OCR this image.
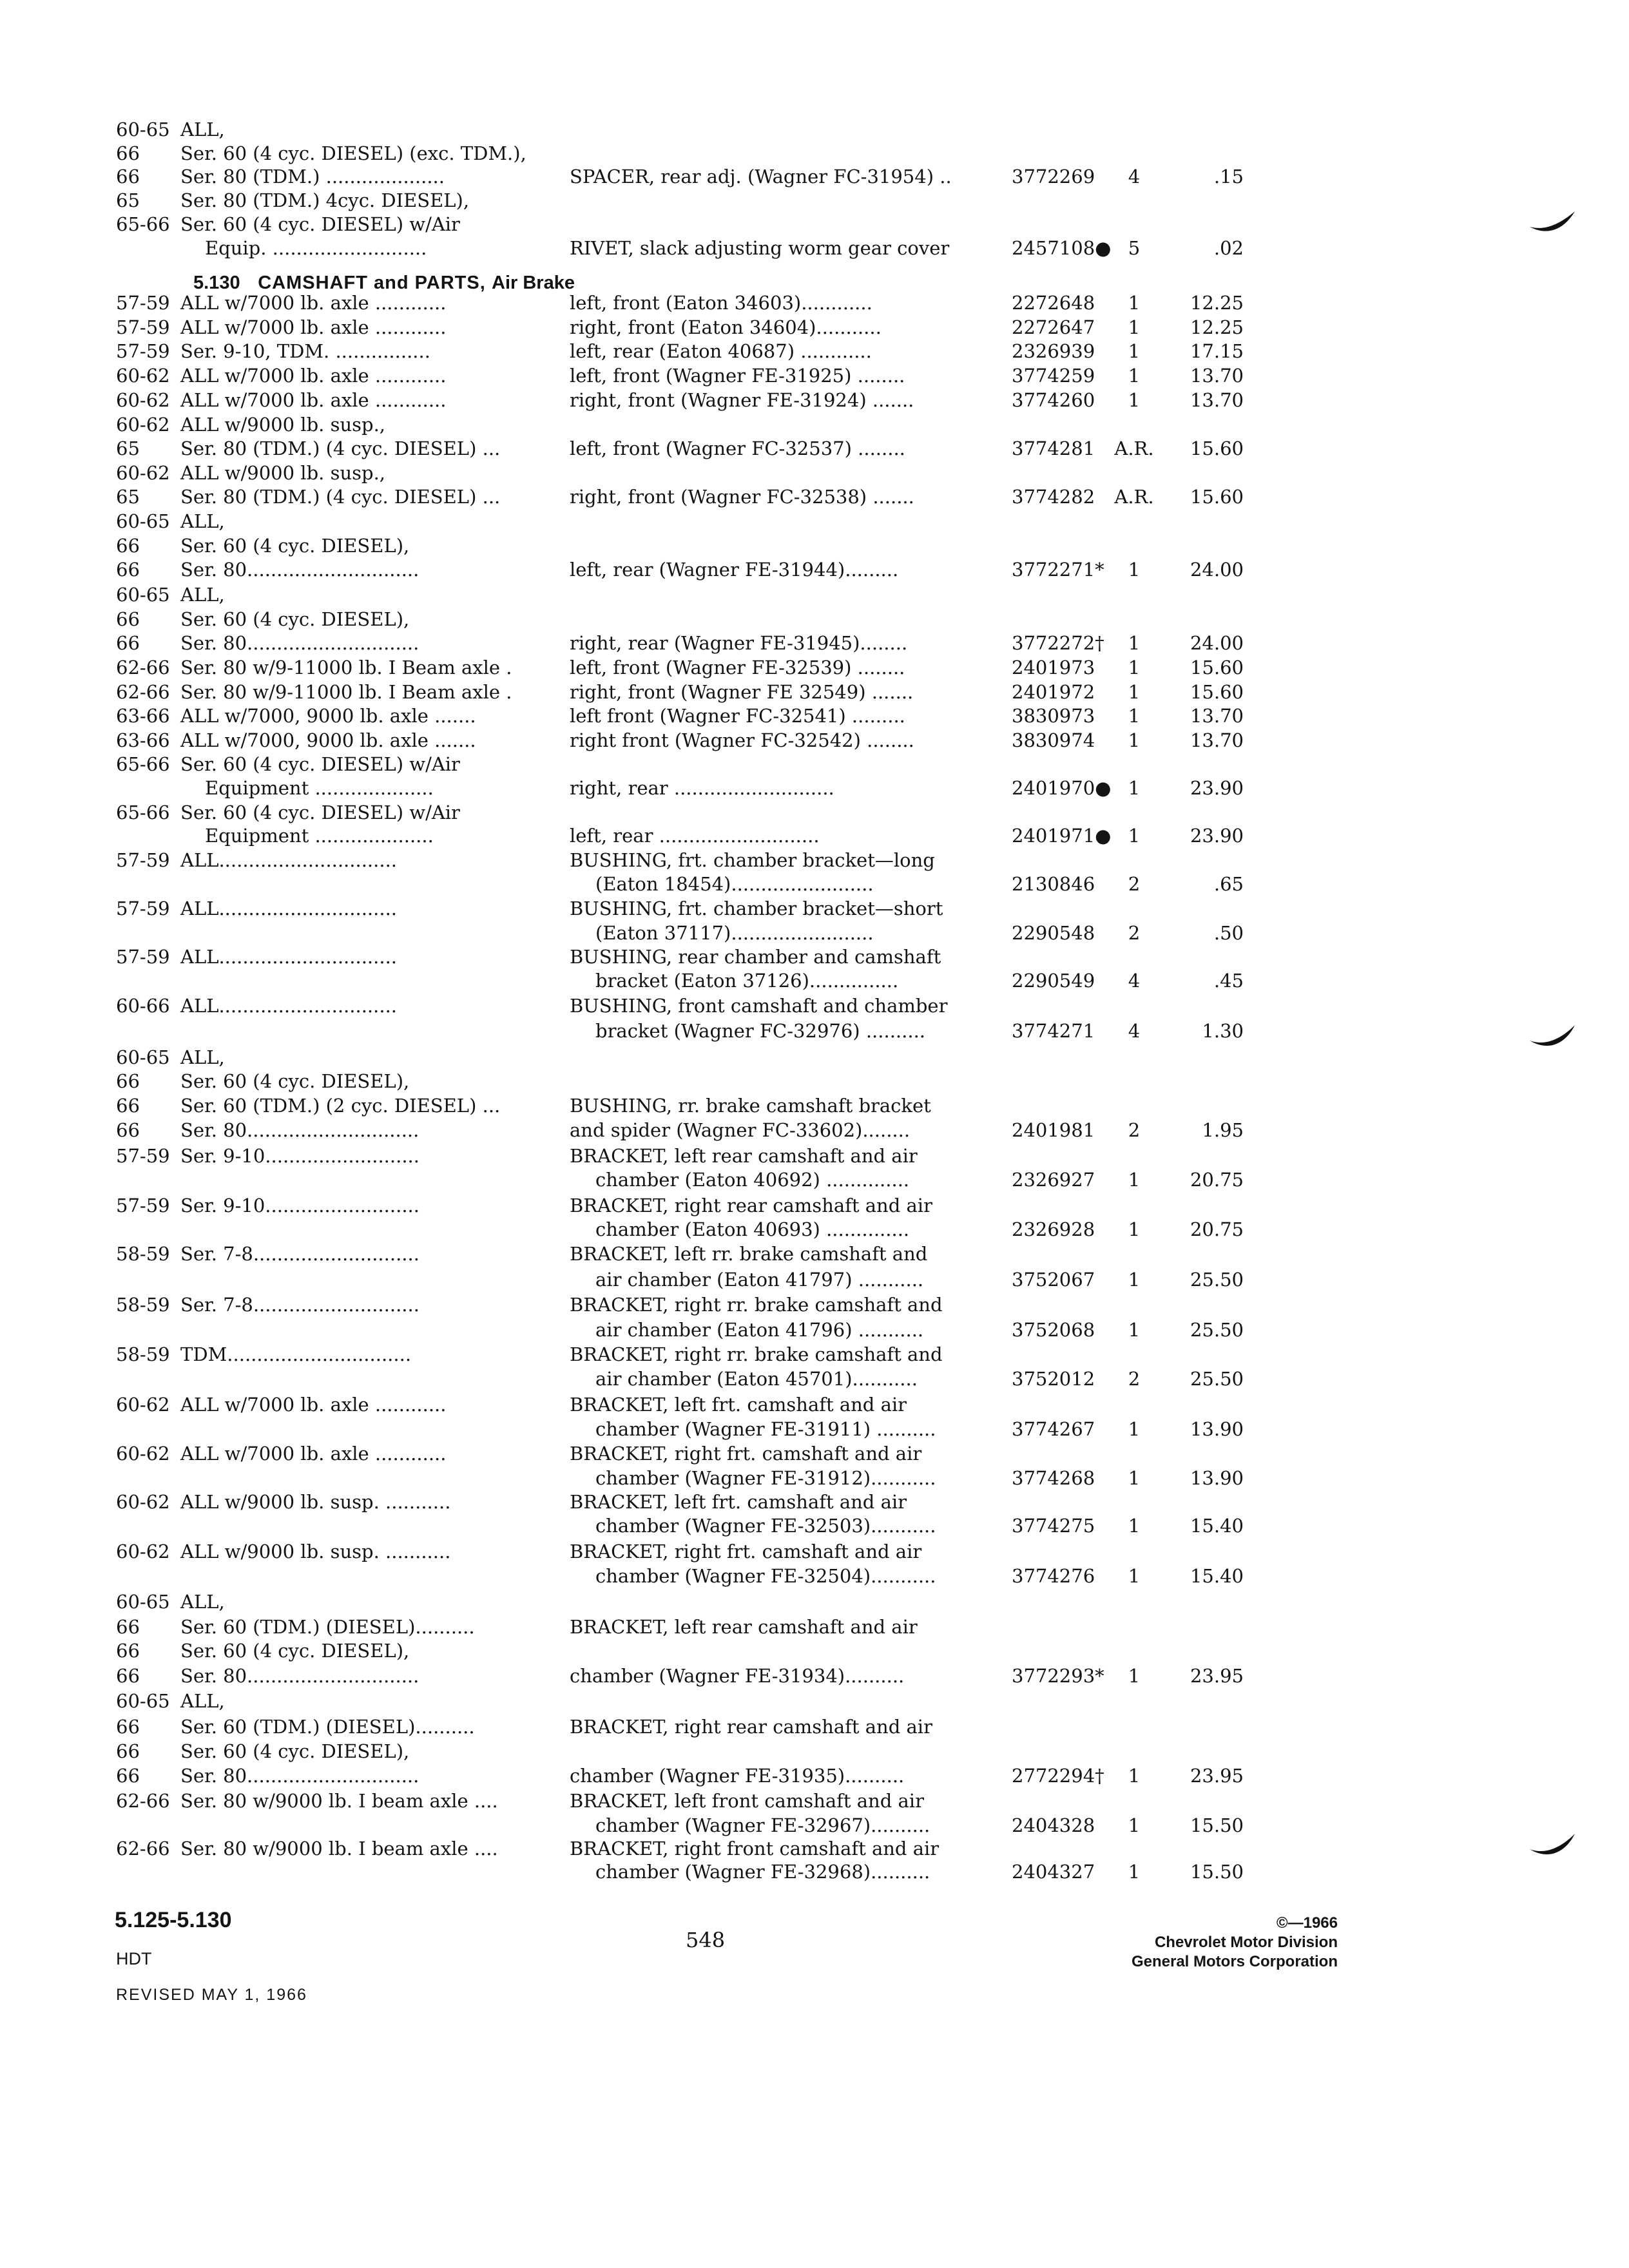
60-65 ALL,
66 Ser. 60 (4 cyc. DIESEL) (exc. TDM.),
66 Ser. 80 (TDM.) ....................	SPACER, rear adj. (Wagner FC-31954) ..	3772269	4	.15
65 Ser. 80 (TDM.) 4cyc. DIESEL),
65-66 Ser. 60 (4 cyc. DIESEL) w/Air
Equip. ..........................	RIVET, slack adjusting worm gear cover	2457108● 5	.02
57-59 ALL w/7000 lb. axle ............	left, front (Eaton 34603)............	2272648	1	12.25
57-59 ALL w/7000 lb. axle ............	right, front (Eaton 34604)...........	2272647	1	12.25
57-59 Ser. 9-10, TDM. ................	left, rear (Eaton 40687) ............	2326939	1	17.15
60-62 ALL w/7000 lb. axle ............	left, front (Wagner FE-31925) ........	3774259	1	13.70
60-62 ALL w/7000 lb. axle ............	right, front (Wagner FE-31924) .......	3774260	1	13.70
60-62 ALL w/9000 lb. susp.,
65 Ser. 80 (TDM.) (4 cyc. DIESEL) ...	left, front (Wagner FC-32537) ........	3774281	A.R.	15.60
60-62 ALL w/9000 lb. susp.,
65 Ser. 80 (TDM.) (4 cyc. DIESEL) ...	right, front (Wagner FC-32538) .......	3774282	A.R.	15.60
60-65 ALL,
66 Ser. 60 (4 cyc. DIESEL),
66 Ser. 80.............................	left, rear (Wagner FE-31944).........	3772271*	1	24.00
60-65 ALL,
66 Ser. 60 (4 cyc. DIESEL),
66 Ser. 80.............................	right, rear (Wagner FE-31945)........	3772272†	1	24.00
62-66 Ser. 80 w/9-11000 lb. I Beam axle .	left, front (Wagner FE-32539) ........	2401973	1	15.60
62-66 Ser. 80 w/9-11000 lb. I Beam axle .	right, front (Wagner FE 32549) .......	2401972	1	15.60
63-66 ALL w/7000, 9000 lb. axle .......	left front (Wagner FC-32541) .........	3830973	1	13.70
63-66 ALL w/7000, 9000 lb. axle .......	right front (Wagner FC-32542) ........	3830974	1	13.70
65-66 Ser. 60 (4 cyc. DIESEL) w/Air
Equipment ....................	right, rear ...........................	2401970● 1	23.90
65-66 Ser. 60 (4 cyc. DIESEL) w/Air
Equipment ....................	left, rear ...........................	2401971● 1	23.90
57-59 ALL..............................	BUSHING, frt. chamber bracket—long
(Eaton 18454)........................	2130846	2	.65
57-59 ALL..............................	BUSHING, frt. chamber bracket—short
(Eaton 37117)........................	2290548	2	.50
57-59 ALL..............................	BUSHING, rear chamber and camshaft
bracket (Eaton 37126)...............	2290549	4	.45
60-66 ALL..............................	BUSHING, front camshaft and chamber
bracket (Wagner FC-32976) ..........	3774271	4	1.30
60-65 ALL,
66 Ser. 60 (4 cyc. DIESEL),
66 Ser. 60 (TDM.) (2 cyc. DIESEL) ...	BUSHING, rr. brake camshaft bracket
66 Ser. 80.............................	and spider (Wagner FC-33602)........	2401981	2	1.95
57-59 Ser. 9-10..........................	BRACKET, left rear camshaft and air
chamber (Eaton 40692) ..............	2326927	1	20.75
57-59 Ser. 9-10..........................	BRACKET, right rear camshaft and air
chamber (Eaton 40693) ..............	2326928	1	20.75
58-59 Ser. 7-8............................	BRACKET, left rr. brake camshaft and
air chamber (Eaton 41797) ...........	3752067	1	25.50
58-59 Ser. 7-8............................	BRACKET, right rr. brake camshaft and
air chamber (Eaton 41796) ...........	3752068	1	25.50
58-59 TDM...............................	BRACKET, right rr. brake camshaft and
air chamber (Eaton 45701)...........	3752012	2	25.50
60-62 ALL w/7000 lb. axle ............	BRACKET, left frt. camshaft and air
chamber (Wagner FE-31911) ..........	3774267	1	13.90
60-62 ALL w/7000 lb. axle ............	BRACKET, right frt. camshaft and air
chamber (Wagner FE-31912)...........	3774268	1	13.90
60-62 ALL w/9000 lb. susp. ...........	BRACKET, left frt. camshaft and air
chamber (Wagner FE-32503)...........	3774275	1	15.40
60-62 ALL w/9000 lb. susp. ...........	BRACKET, right frt. camshaft and air
chamber (Wagner FE-32504)...........	3774276	1	15.40
60-65 ALL,
66 Ser. 60 (TDM.) (DIESEL)..........	BRACKET, left rear camshaft and air
66 Ser. 60 (4 cyc. DIESEL),
66 Ser. 80.............................	chamber (Wagner FE-31934)..........	3772293*	1	23.95
60-65 ALL,
66 Ser. 60 (TDM.) (DIESEL)..........	BRACKET, right rear camshaft and air
66 Ser. 60 (4 cyc. DIESEL),
66 Ser. 80.............................	chamber (Wagner FE-31935)..........	2772294†	1	23.95
62-66 Ser. 80 w/9000 lb. I beam axle ....	BRACKET, left front camshaft and air
chamber (Wagner FE-32967)..........	2404328	1	15.50
62-66 Ser. 80 w/9000 lb. I beam axle ....	BRACKET, right front camshaft and air
chamber (Wagner FE-32968)..........	2404327	1	15.50
5.130 CAMSHAFT and PARTS, Air Brake
5.125-5.130
HDT
REVISED MAY 1, 1966
548
©—1966
Chevrolet Motor Division
General Motors Corporation
